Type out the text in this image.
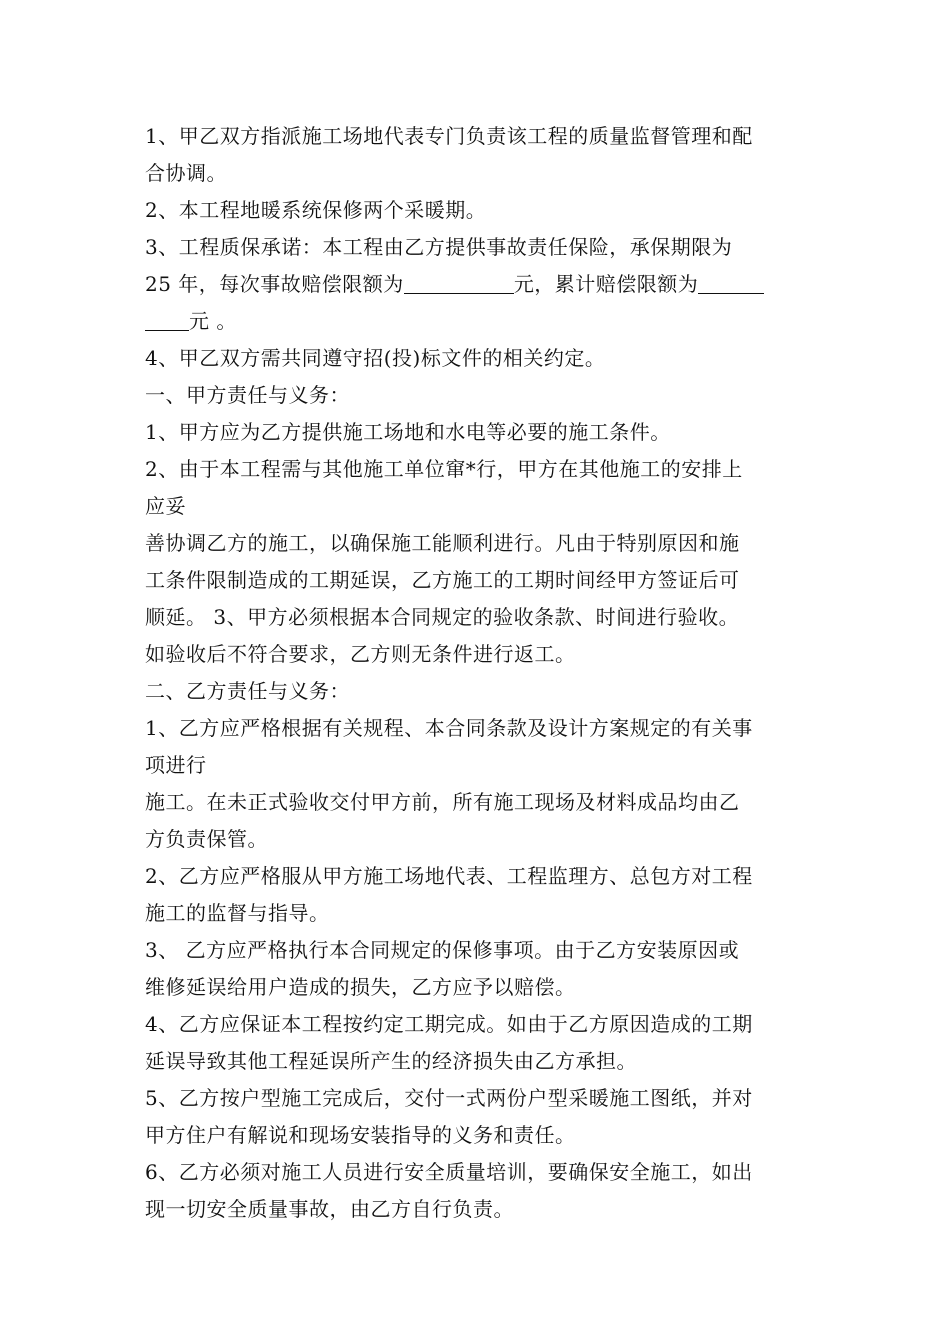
1、甲乙双方指派施工场地代表专门负责该工程的质量监督管理和配
合协调。
2、本工程地暖系统保修两个采暖期。
3、工程质保承诺：本工程由乙方提供事故责任保险，承保期限为
25 年，每次事故赔偿限额为	元，累计赔偿限额为
元 。
4、甲乙双方需共同遵守招(投)标文件的相关约定。
一、甲方责任与义务：
1、甲方应为乙方提供施工场地和水电等必要的施工条件。
2、由于本工程需与其他施工单位窜*行，甲方在其他施工的安排上
应妥
善协调乙方的施工，以确保施工能顺利进行。凡由于特别原因和施
工条件限制造成的工期延误，乙方施工的工期时间经甲方签证后可
顺延。 3、甲方必须根据本合同规定的验收条款、时间进行验收。
如验收后不符合要求，乙方则无条件进行返工。
二、乙方责任与义务：
1、乙方应严格根据有关规程、本合同条款及设计方案规定的有关事
项进行
施工。在未正式验收交付甲方前，所有施工现场及材料成品均由乙
方负责保管。
2、乙方应严格服从甲方施工场地代表、工程监理方、总包方对工程
施工的监督与指导。
3、 乙方应严格执行本合同规定的保修事项。由于乙方安装原因或
维修延误给用户造成的损失，乙方应予以赔偿。
4、乙方应保证本工程按约定工期完成。如由于乙方原因造成的工期
延误导致其他工程延误所产生的经济损失由乙方承担。
5、乙方按户型施工完成后，交付一式两份户型采暖施工图纸，并对
甲方住户有解说和现场安装指导的义务和责任。
6、乙方必须对施工人员进行安全质量培训，要确保安全施工，如出
现一切安全质量事故，由乙方自行负责。
